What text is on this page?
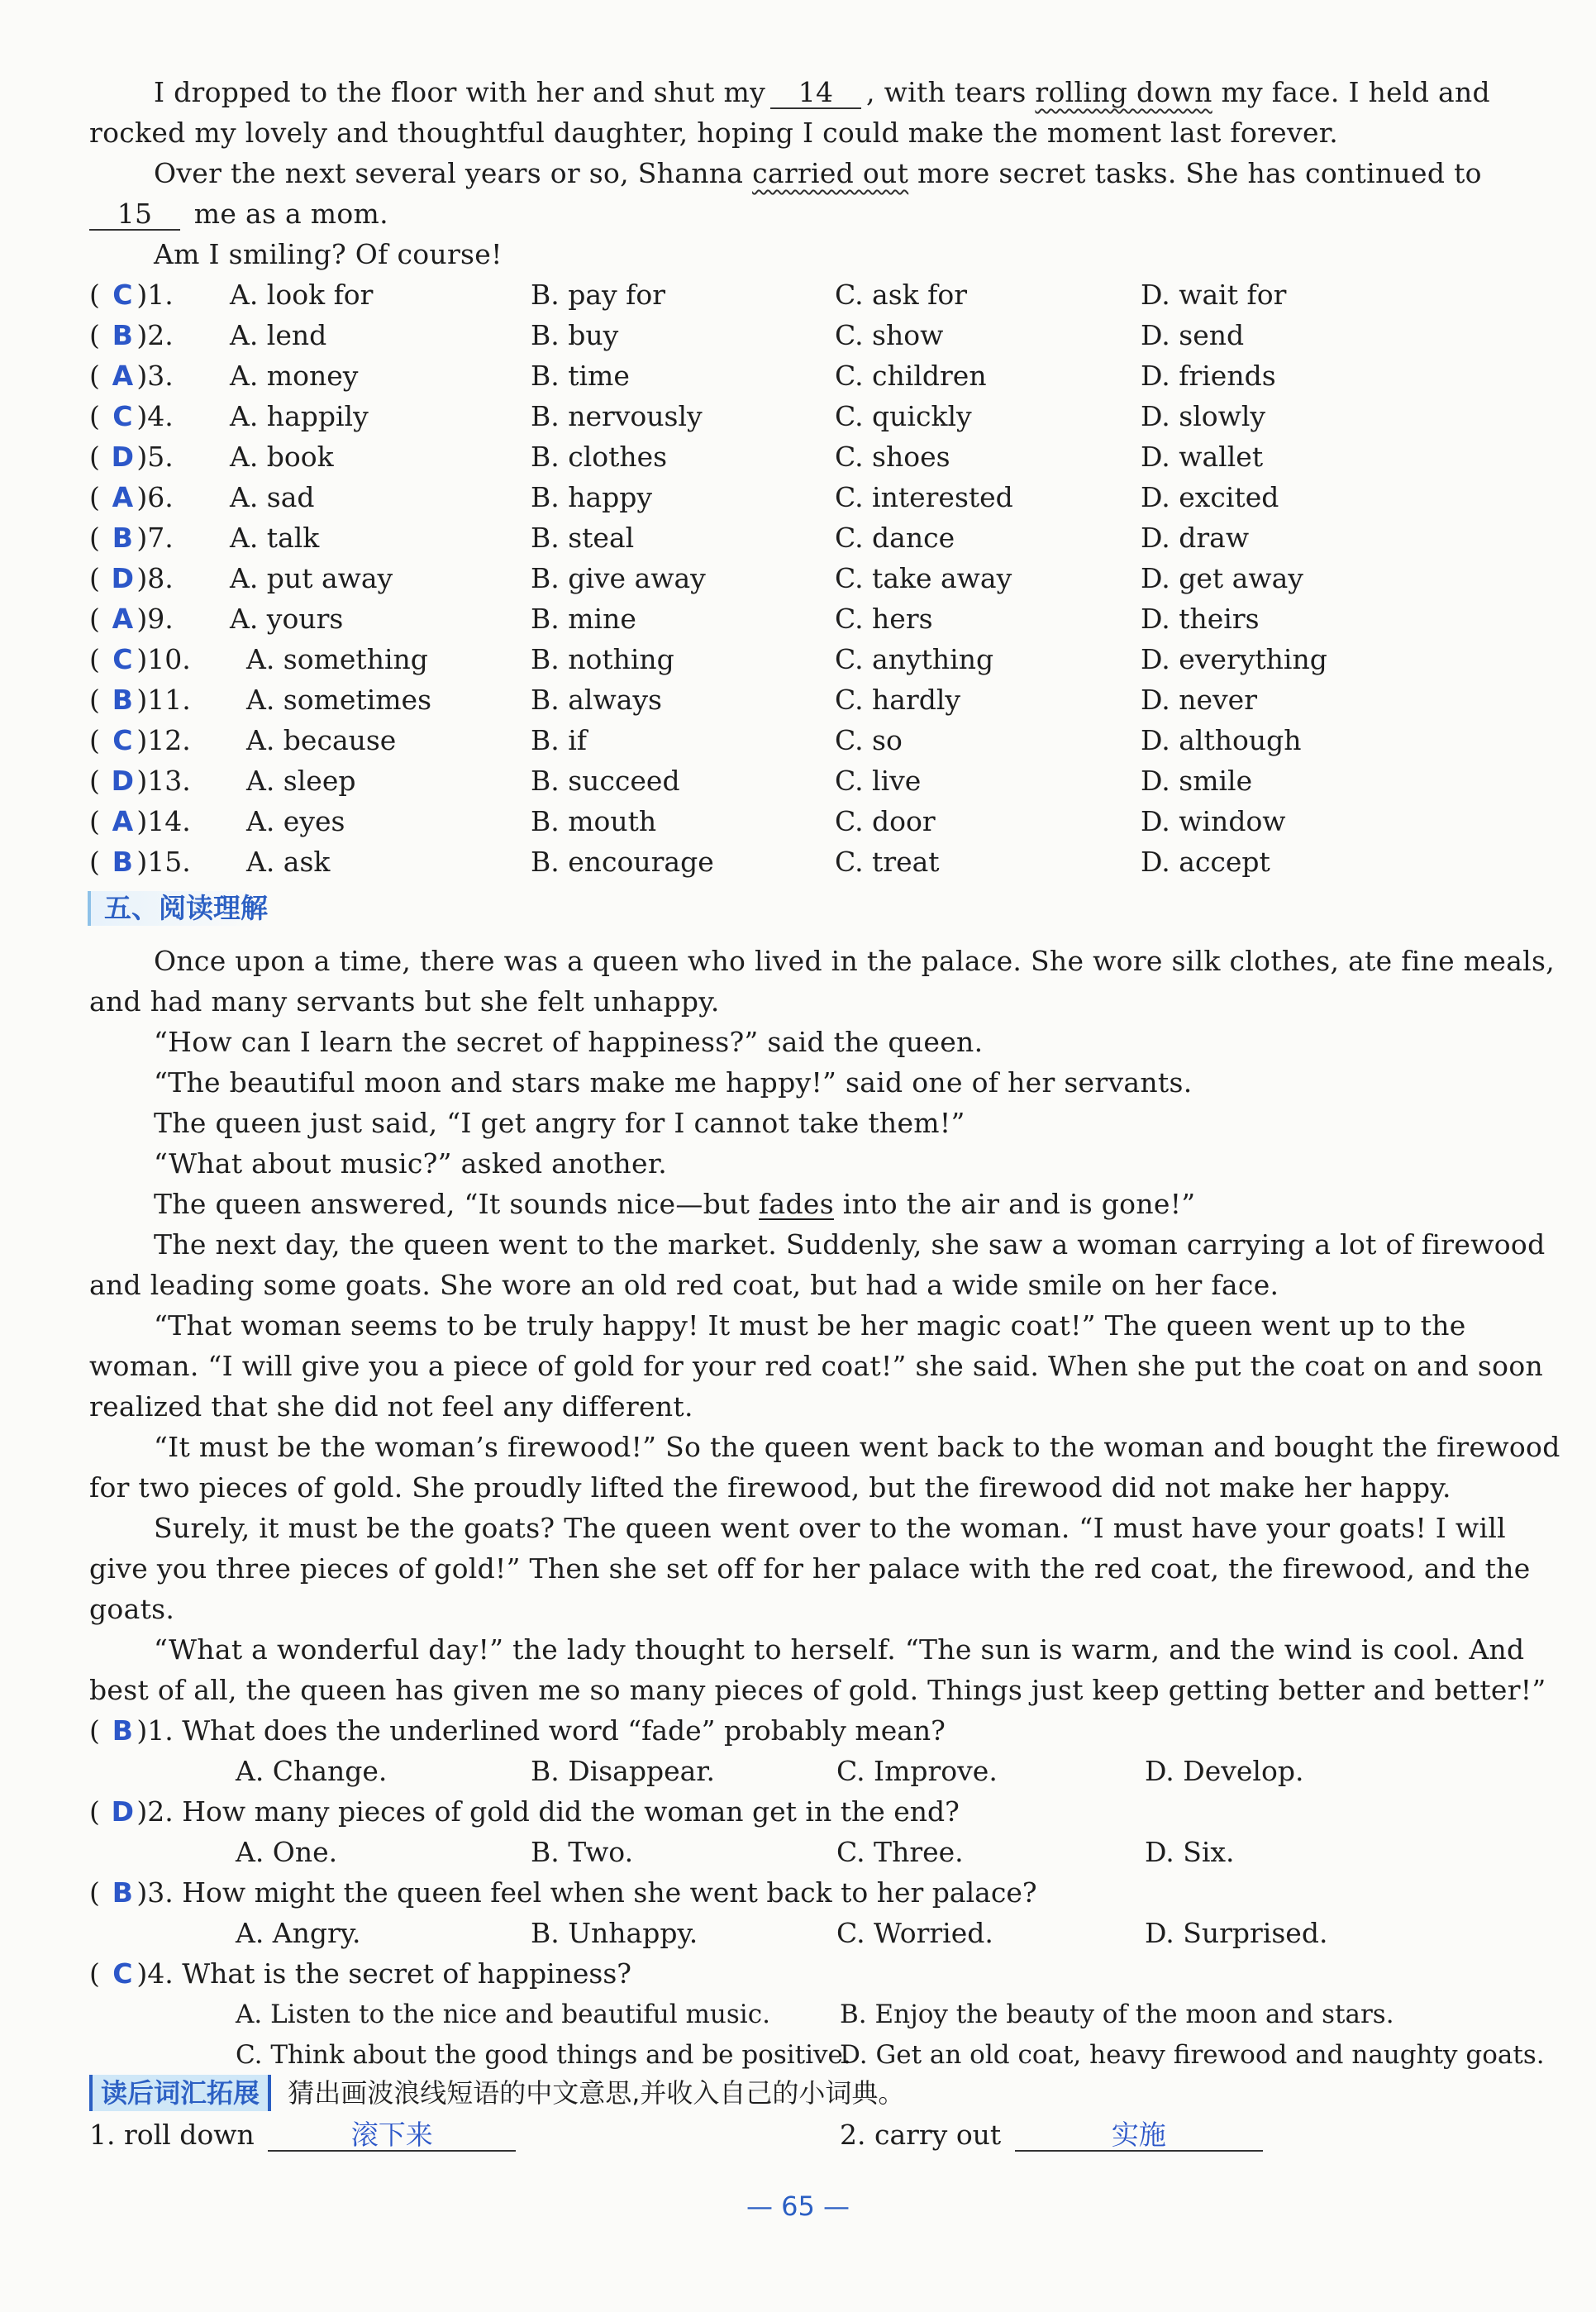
I dropped to the floor with her and shut my 14 , with tears rolling down my face. I held and
rocked my lovely and thoughtful daughter, hoping I could make the moment last forever.
Over the next several years or so, Shanna carried out more secret tasks. She has continued to
15 me as a mom.
Am I smiling? Of course!
( C )1. A. look for	B. pay for	C. ask for	D. wait for
( B )2. A. lend	B. buy	C. show	D. send
( A )3. A. money	B. time	C. children	D. friends
( C )4. A. happily	B. nervously	C. quickly	D. slowly
( D)5. A. book	B. clothes	C. shoes	D. wallet
( A )6. A. sad	B. happy	C. interested	D. excited
( B )7. A. talk	B. steal	C. dance	D. draw
( D)8. A. put away	B. give away	C. take away	D. get away
( A )9. A. yours	B. mine	C. hers	D. theirs
( C )10. A. something	B. nothing	C. anything	D. everything
( B )11. A. sometimes	B. always	C. hardly	D. never
( C )12. A. because	B. if	C. so	D. although
( D)13. A. sleep	B. succeed	C. live	D. smile
( A )14. A. eyes	B. mouth	C. door	D. window
( B )15. A. ask	B. encourage	C. treat	D. accept
五、阅读理解
Once upon a time, there was a queen who lived in the palace. She wore silk clothes, ate fine meals,
and had many servants but she felt unhappy.
“How can I learn the secret of happiness?” said the queen.
“The beautiful moon and stars make me happy!” said one of her servants.
The queen just said, “I get angry for I cannot take them!”
“What about music?” asked another.
The queen answered, “It sounds nice—but fades into the air and is gone!”
The next day, the queen went to the market. Suddenly, she saw a woman carrying a lot of firewood
and leading some goats. She wore an old red coat, but had a wide smile on her face.
“That woman seems to be truly happy! It must be her magic coat!” The queen went up to the
woman. “I will give you a piece of gold for your red coat!” she said. When she put the coat on and soon
realized that she did not feel any different.
“It must be the woman’s firewood!” So the queen went back to the woman and bought the firewood
for two pieces of gold. She proudly lifted the firewood, but the firewood did not make her happy.
Surely, it must be the goats? The queen went over to the woman. “I must have your goats! I will
give you three pieces of gold!” Then she set off for her palace with the red coat, the firewood, and the
goats.
“What a wonderful day!” the lady thought to herself. “The sun is warm, and the wind is cool. And
best of all, the queen has given me so many pieces of gold. Things just keep getting better and better!”
( B )1. What does the underlined word “fade” probably mean?
A. Change.	B. Disappear.	C. Improve.	D. Develop.
( D)2. How many pieces of gold did the woman get in the end?
A. One.	B. Two.	C. Three.	D. Six.
( B )3. How might the queen feel when she went back to her palace?
A. Angry.	B. Unhappy.	C. Worried.	D. Surprised.
( C )4. What is the secret of happiness?
A. Listen to the nice and beautiful music.	B. Enjoy the beauty of the moon and stars.
C. Think about the good things and be positive.
D. Get an old coat, heavy firewood and naughty goats.
读后词汇拓展 猜出画波浪线短语的中文意思,并收入自己的小词典。
1. roll down	滚下来	2. carry out	实施
— 65 —
